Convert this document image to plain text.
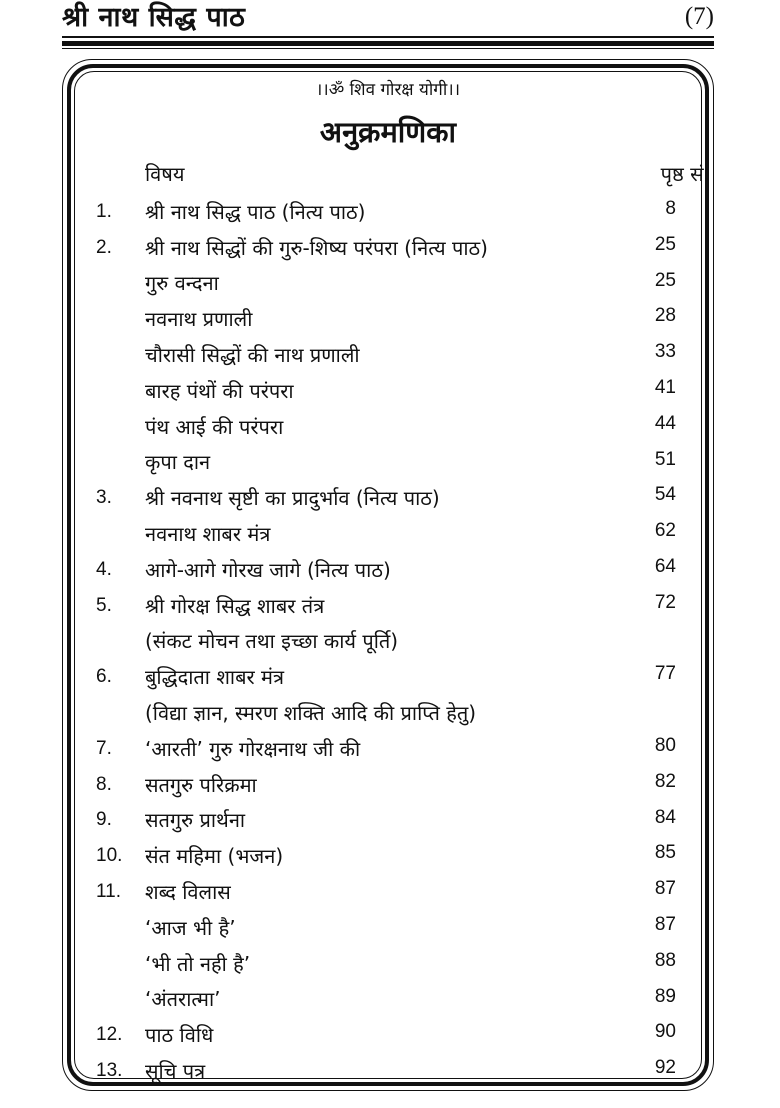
श्री नाथ सिद्ध पाठ	(7)
।।ॐ शिव गोरक्ष योगी।।
अनुक्रमणिका
विषय	पृष्ठ सं.
1.	श्री नाथ सिद्ध पाठ (नित्य पाठ)	8
2.	श्री नाथ सिद्धों की गुरु-शिष्य परंपरा (नित्य पाठ)	25
गुरु वन्दना	25
नवनाथ प्रणाली	28
चौरासी सिद्धों की नाथ प्रणाली	33
बारह पंथों की परंपरा	41
पंथ आई की परंपरा	44
कृपा दान	51
3.	श्री नवनाथ सृष्टी का प्रादुर्भाव (नित्य पाठ)	54
नवनाथ शाबर मंत्र	62
4.	आगे-आगे गोरख जागे (नित्य पाठ)	64
5.	श्री गोरक्ष सिद्ध शाबर तंत्र	72
(संकट मोचन तथा इच्छा कार्य पूर्ति)
6.	बुद्धिदाता शाबर मंत्र	77
(विद्या ज्ञान, स्मरण शक्ति आदि की प्राप्ति हेतु)
7.	‘आरती’ गुरु गोरक्षनाथ जी की	80
8.	सतगुरु परिक्रमा	82
9.	सतगुरु प्रार्थना	84
10.	संत महिमा (भजन)	85
11.	शब्द विलास	87
‘आज भी है’	87
‘भी तो नही है’	88
‘अंतरात्मा’	89
12.	पाठ विधि	90
13.	सूचि पत्र	92
